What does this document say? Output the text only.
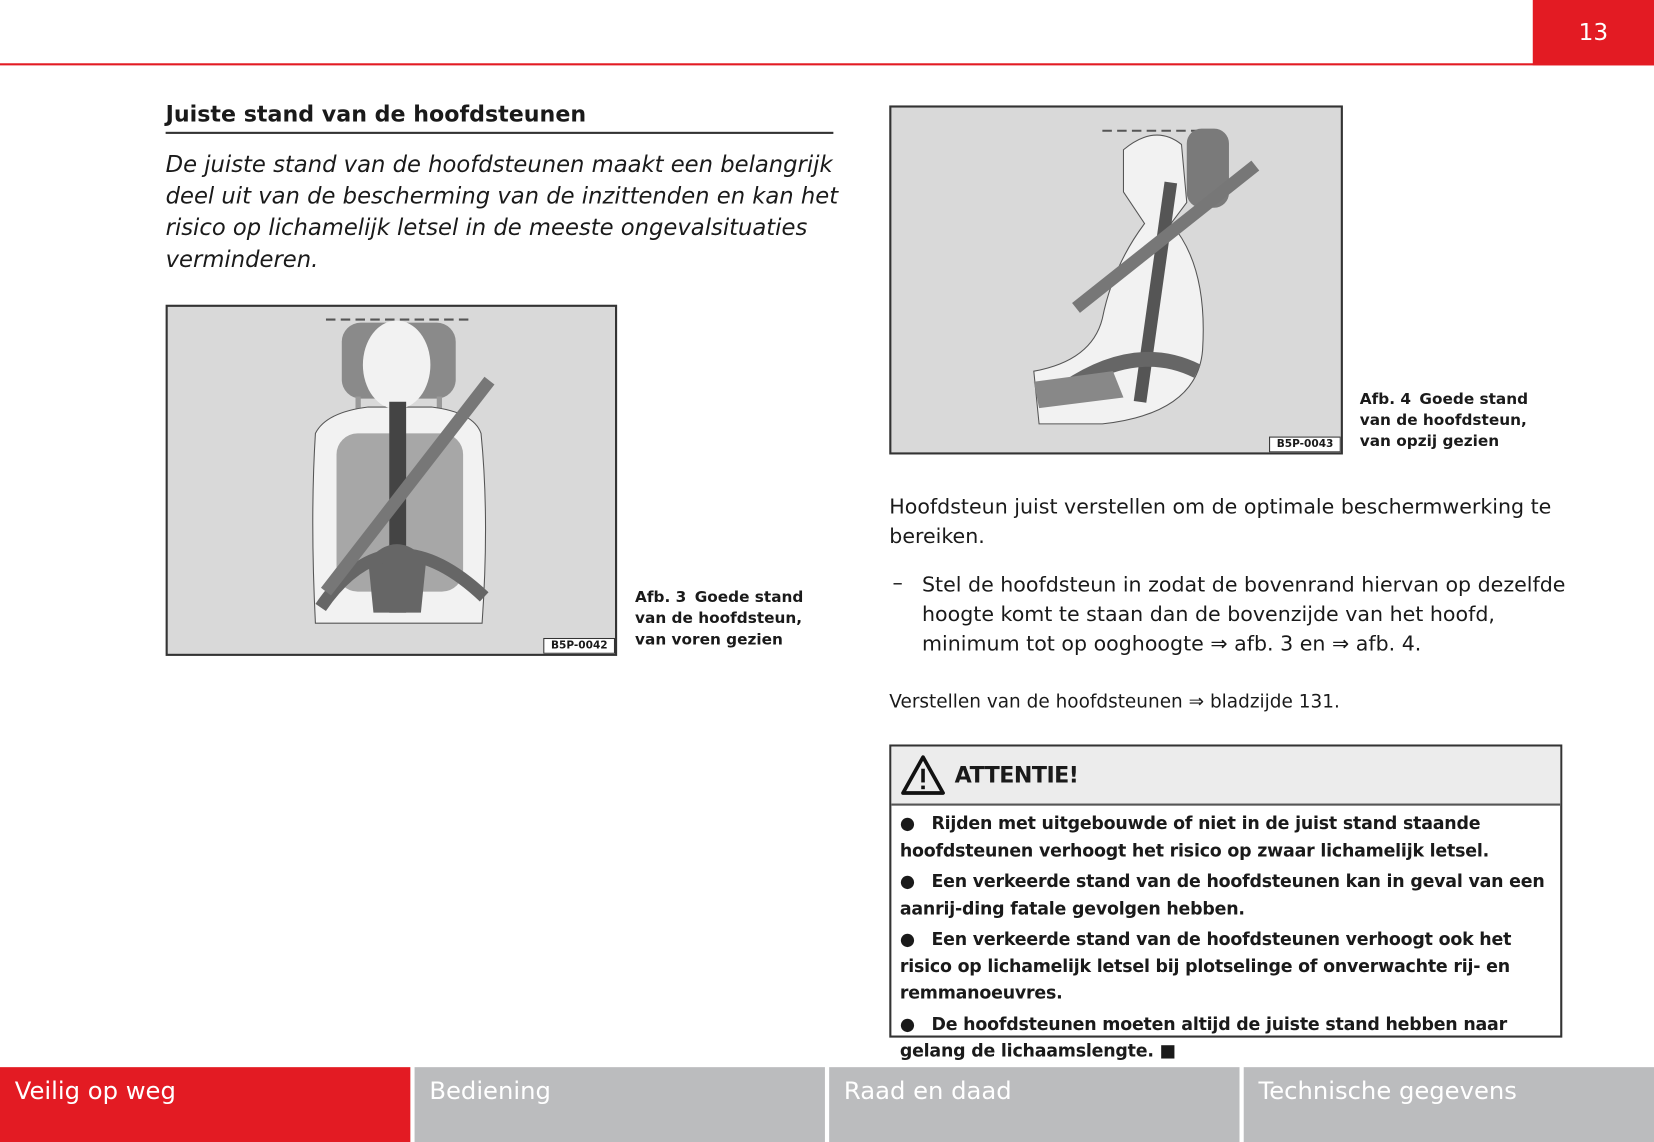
13
Juiste stand van de hoofdsteunen
De juiste stand van de hoofdsteunen maakt een belangrijk deel uit van de bescherming van de inzittenden en kan het risico op lichamelijk letsel in de meeste ongevalsituaties verminderen.
B5P-0042
Afb. 3 Goede stand van de hoofdsteun, van voren gezien
B5P-0043
Afb. 4 Goede stand van de hoofdsteun, van opzij gezien
Hoofdsteun juist verstellen om de optimale beschermwerking te bereiken.
– Stel de hoofdsteun in zodat de bovenrand hiervan op dezelfde hoogte komt te staan dan de bovenzijde van het hoofd, minimum tot op ooghoogte ⇒ afb. 3 en ⇒ afb. 4.
Verstellen van de hoofdsteunen ⇒ bladzijde 131.
ATTENTIE!
● Rijden met uitgebouwde of niet in de juist stand staande hoofdsteunen verhoogt het risico op zwaar lichamelijk letsel.
● Een verkeerde stand van de hoofdsteunen kan in geval van een aanrij-ding fatale gevolgen hebben.
● Een verkeerde stand van de hoofdsteunen verhoogt ook het risico op lichamelijk letsel bij plotselinge of onverwachte rij- en remmanoeuvres.
● De hoofdsteunen moeten altijd de juiste stand hebben naar gelang de lichaamslengte. ■
Veilig op weg	Bediening	Raad en daad	Technische gegevens
